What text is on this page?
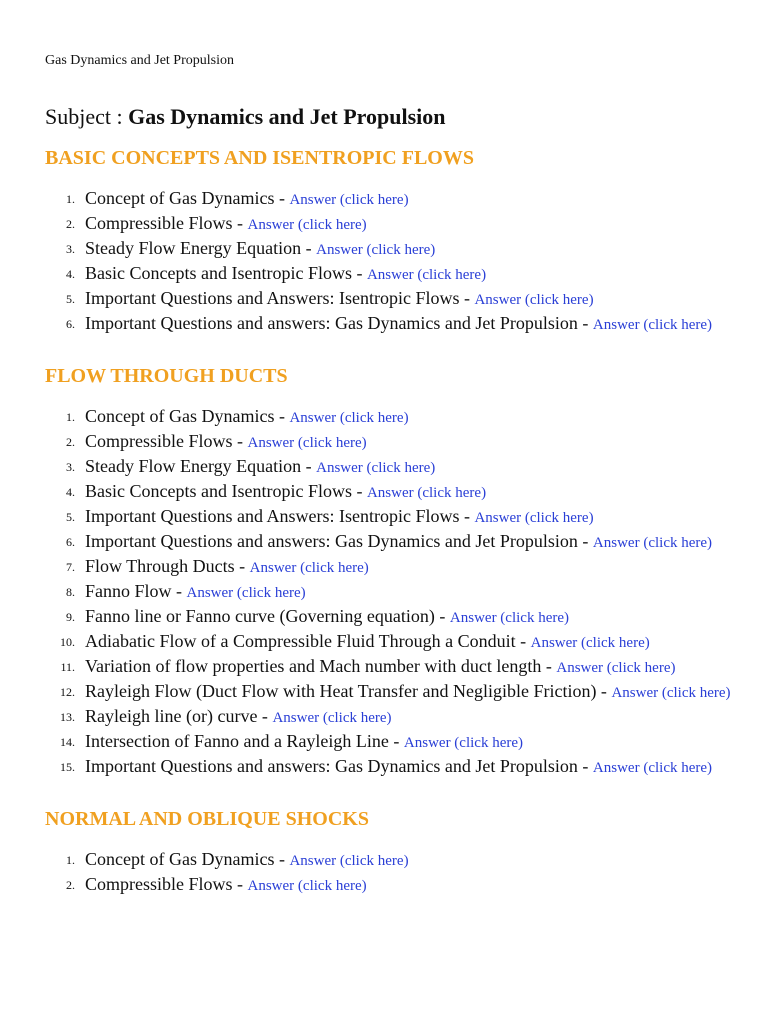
Gas Dynamics and Jet Propulsion

Subject : Gas Dynamics and Jet Propulsion
BASIC CONCEPTS AND ISENTROPIC FLOWS
1. Concept of Gas Dynamics - Answer (click here)
2. Compressible Flows - Answer (click here)
3. Steady Flow Energy Equation - Answer (click here)
4. Basic Concepts and Isentropic Flows - Answer (click here)
5. Important Questions and Answers: Isentropic Flows - Answer (click here)
6. Important Questions and answers: Gas Dynamics and Jet Propulsion - Answer (click here)
FLOW THROUGH DUCTS
1. Concept of Gas Dynamics - Answer (click here)
2. Compressible Flows - Answer (click here)
3. Steady Flow Energy Equation - Answer (click here)
4. Basic Concepts and Isentropic Flows - Answer (click here)
5. Important Questions and Answers: Isentropic Flows - Answer (click here)
6. Important Questions and answers: Gas Dynamics and Jet Propulsion - Answer (click here)
7. Flow Through Ducts - Answer (click here)
8. Fanno Flow - Answer (click here)
9. Fanno line or Fanno curve (Governing equation) - Answer (click here)
10. Adiabatic Flow of a Compressible Fluid Through a Conduit - Answer (click here)
11. Variation of flow properties and Mach number with duct length - Answer (click here)
12. Rayleigh Flow (Duct Flow with Heat Transfer and Negligible Friction) - Answer (click here)
13. Rayleigh line (or) curve - Answer (click here)
14. Intersection of Fanno and a Rayleigh Line - Answer (click here)
15. Important Questions and answers: Gas Dynamics and Jet Propulsion - Answer (click here)
NORMAL AND OBLIQUE SHOCKS
1. Concept of Gas Dynamics - Answer (click here)
2. Compressible Flows - Answer (click here)
